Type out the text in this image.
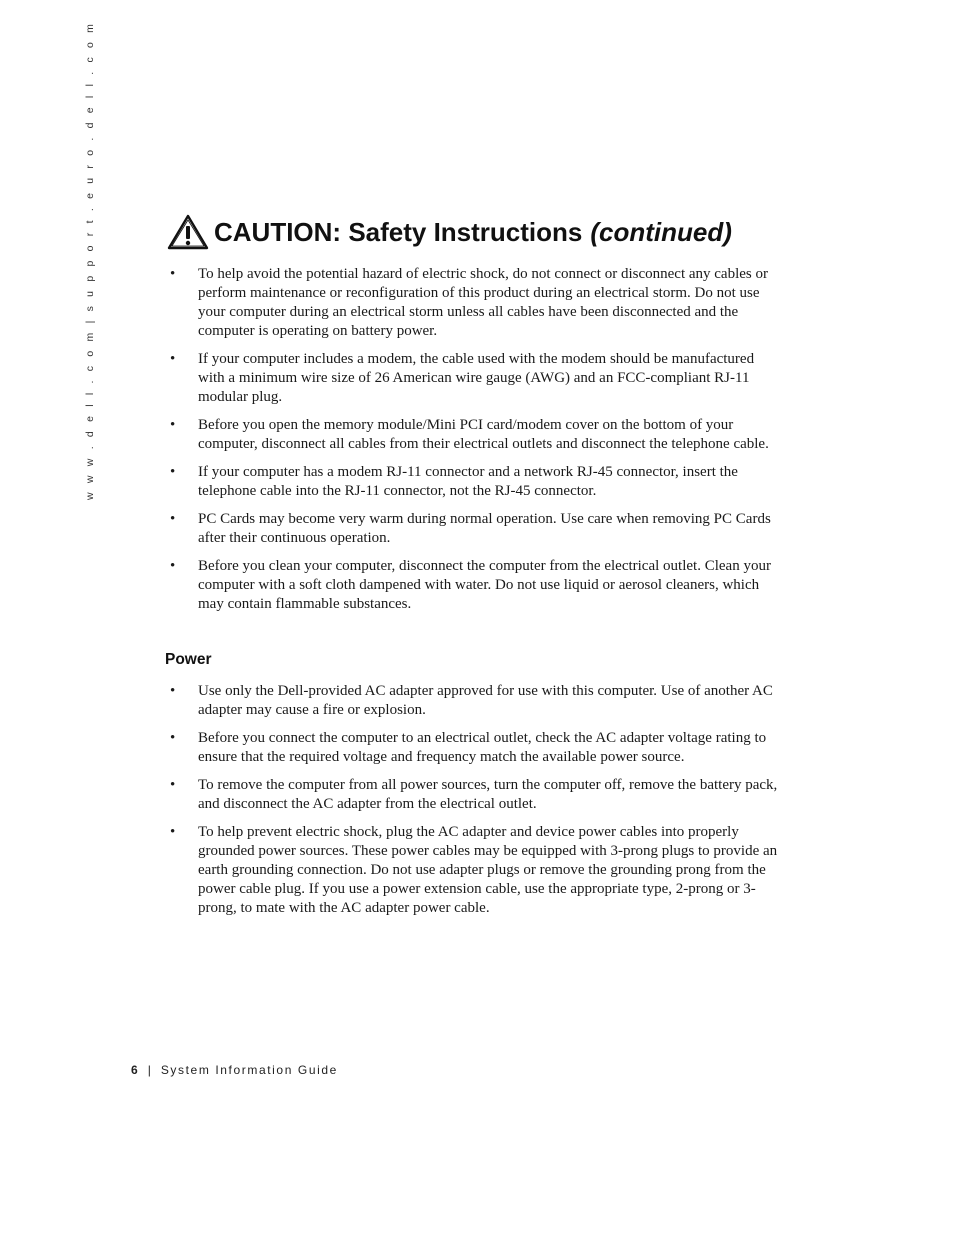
w w w . d e l l . c o m | s u p p o r t . e u r o . d e l l . c o m	CAUTION: Safety Instructions (continued)
• To help avoid the potential hazard of electric shock, do not connect or disconnect any cables or perform maintenance or reconfiguration of this product during an electrical storm. Do not use your computer during an electrical storm unless all cables have been disconnected and the computer is operating on battery power.
• If your computer includes a modem, the cable used with the modem should be manufactured with a minimum wire size of 26 American wire gauge (AWG) and an FCC-compliant RJ-11 modular plug.
• Before you open the memory module/Mini PCI card/modem cover on the bottom of your computer, disconnect all cables from their electrical outlets and disconnect the telephone cable.
• If your computer has a modem RJ-11 connector and a network RJ-45 connector, insert the telephone cable into the RJ-11 connector, not the RJ-45 connector.
• PC Cards may become very warm during normal operation. Use care when removing PC Cards after their continuous operation.
• Before you clean your computer, disconnect the computer from the electrical outlet. Clean your computer with a soft cloth dampened with water. Do not use liquid or aerosol cleaners, which may contain flammable substances.
Power
• Use only the Dell-provided AC adapter approved for use with this computer. Use of another AC adapter may cause a fire or explosion.
• Before you connect the computer to an electrical outlet, check the AC adapter voltage rating to ensure that the required voltage and frequency match the available power source.
• To remove the computer from all power sources, turn the computer off, remove the battery pack, and disconnect the AC adapter from the electrical outlet.
• To help prevent electric shock, plug the AC adapter and device power cables into properly grounded power sources. These power cables may be equipped with 3-prong plugs to provide an earth grounding connection. Do not use adapter plugs or remove the grounding prong from the power cable plug. If you use a power extension cable, use the appropriate type, 2-prong or 3-prong, to mate with the AC adapter power cable.
6 | System Information Guide
